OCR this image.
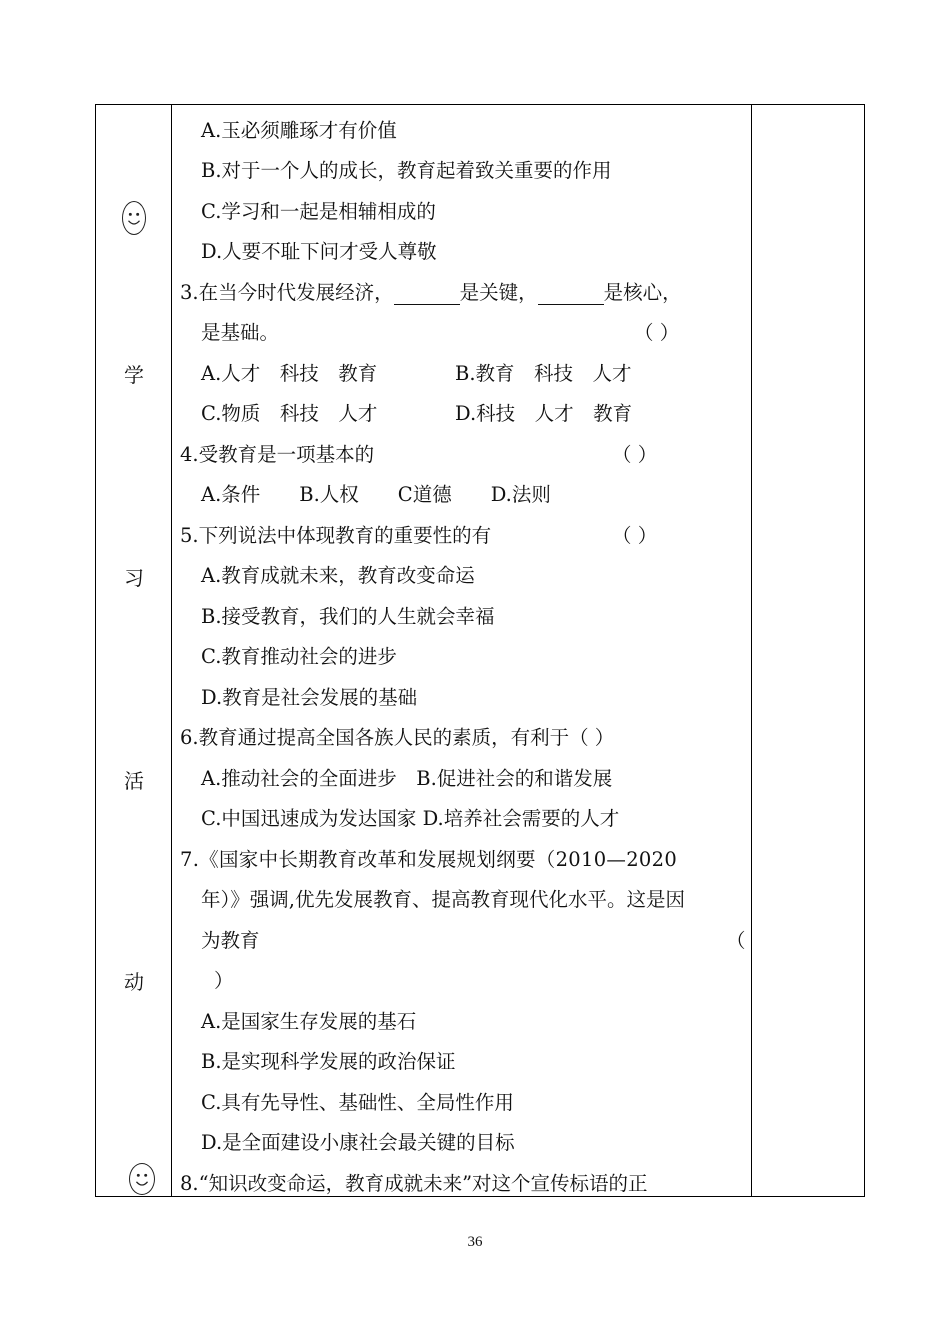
学
习
活
动
A.玉必须雕琢才有价值
B.对于一个人的成长，教育起着致关重要的作用
C.学习和一起是相辅相成的
D.人要不耻下问才受人尊敬
3.在当今时代发展经济，	是关键，	是核心，
是基础。	（ ）
A.人才　科技　教育	B.教育　科技　人才
C.物质　科技　人才	D.科技　人才　教育
4.受教育是一项基本的	（ ）
A.条件　　B.人权　　C道德　　D.法则
5.下列说法中体现教育的重要性的有	（ ）
A.教育成就未来，教育改变命运
B.接受教育，我们的人生就会幸福
C.教育推动社会的进步
D.教育是社会发展的基础
6.教育通过提高全国各族人民的素质，有利于（ ）
A.推动社会的全面进步　B.促进社会的和谐发展
C.中国迅速成为发达国家 D.培养社会需要的人才
7.《国家中长期教育改革和发展规划纲要（2010—2020
年）》强调,优先发展教育、提高教育现代化水平。这是因
为教育	（
）
A.是国家生存发展的基石
B.是实现科学发展的政治保证
C.具有先导性、基础性、全局性作用
D.是全面建设小康社会最关键的目标
8.“知识改变命运，教育成就未来”对这个宣传标语的正
36
